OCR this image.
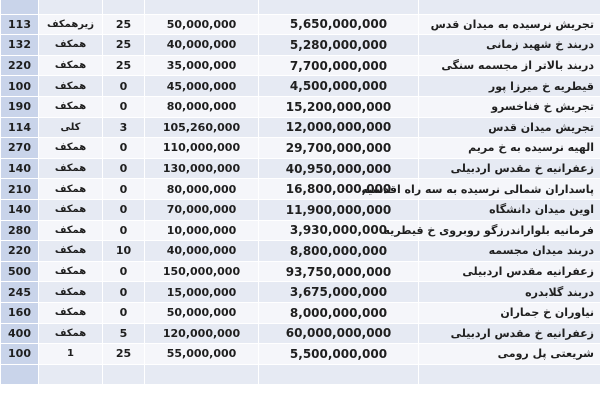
113	زیرهمکف	25	50,000,000	5,650,000,000	تجریش نرسیده به میدان قدس
132	همکف	25	40,000,000	5,280,000,000	دربند خ شهید زمانی
220	همکف	25	35,000,000	7,700,000,000	دربند بالاتر از مجسمه سنگی
100	همکف	0	45,000,000	4,500,000,000	قیطریه خ میرزا پور
190	همکف	0	80,000,000	15,200,000,000	تجریش خ فناخسرو
114	کلی	3	105,260,000	12,000,000,000	تجریش میدان قدس
270	همکف	0	110,000,000	29,700,000,000	الهیه نرسیده به خ مریم
140	همکف	0	130,000,000	40,950,000,000	زعفرانیه خ مقدس اردبیلی
210	همکف	0	80,000,000	16,800,000,000	پاسداران شمالی نرسیده به سه راه اقدسیه
140	همکف	0	70,000,000	11,900,000,000	اوین میدان دانشگاه
280	همکف	0	10,000,000	3,930,000,000	فرمانیه بلواراندرزگو روبروی خ قیطریه
220	همکف	10	40,000,000	8,800,000,000	دربند میدان مجسمه
500	همکف	0	150,000,000	93,750,000,000	زعفرانیه مقدس اردبیلی
245	همکف	0	15,000,000	3,675,000,000	دربند گلابدره
160	همکف	0	50,000,000	8,000,000,000	نیاوران خ جماران
400	همکف	5	120,000,000	60,000,000,000	زعفرانیه خ مقدس اردبیلی
100	1	25	55,000,000	5,500,000,000	شریعتی پل رومی
